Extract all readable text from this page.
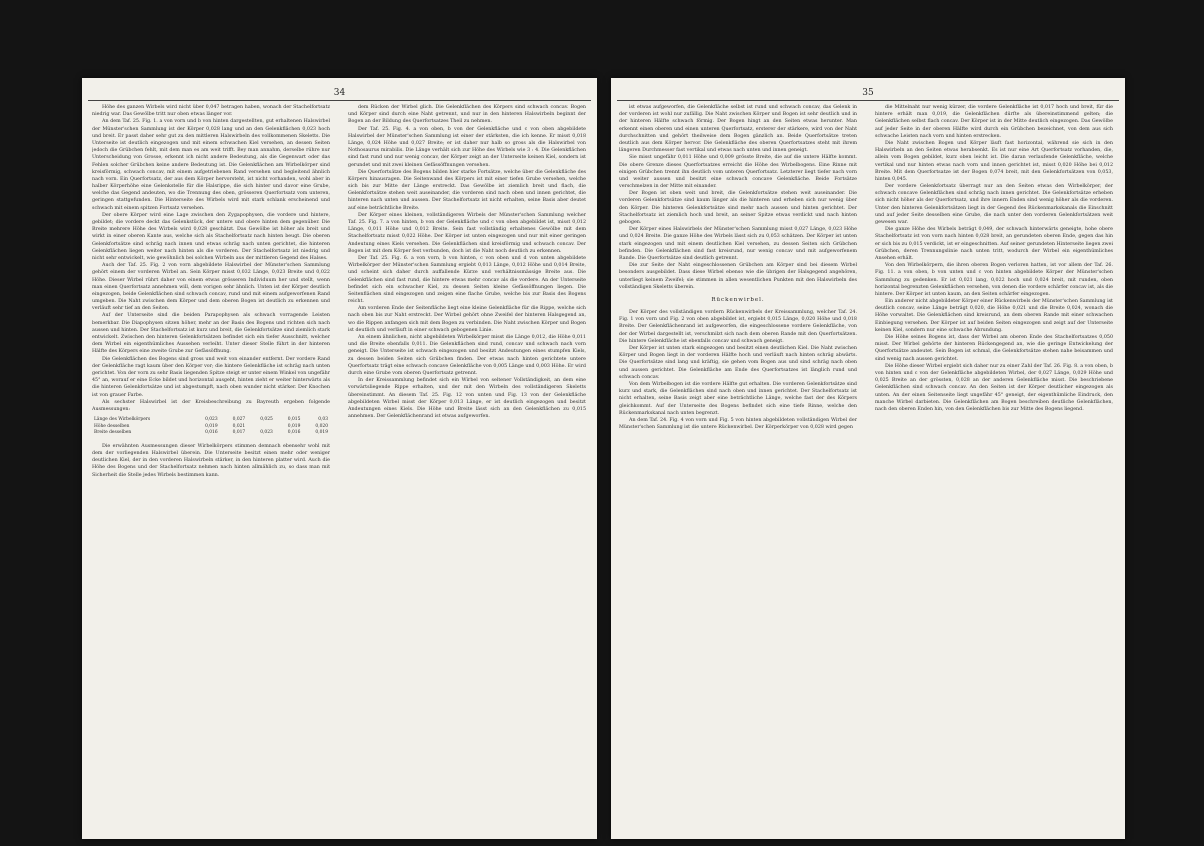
34

Höhe des ganzen Wirbels wird nicht über 0,047 betragen haben, wonach der Stachelfortsatz niedrig war. Das Gewölbe tritt nur oben etwas länger vor.

An dem Taf. 25. Fig. 1. a von vorn und b von hinten dargestellten, gut erhaltenen Halswirbel der Münster'schen Sammlung ist der Körper 0,028 lang und an den Gelenkflächen 0,023 hoch und breit. Er passt daher sehr gut zu den mittleren Halswirbeln des vollkommenen Skeletts. Die Unterseite ist deutlich eingezogen und mit einem schwachen Kiel versehen, an dessen Seiten jedoch die Grübchen fehlt, mit dem man es am weit trifft. Bey man annahm, derselbe rühre nur Unterscheidung von Grosse, erkennt ich nicht andere Bedeutung, als die Gegenwart oder das Fehlen solcher Grübchen keine andere Bedeutung ist. Die Gelenkflächen am Wirbelkörper sind kreisförmig, schwach concav, mit einem aufgetriebenen Rand versehen und begleitend ähnlich nach vorn. Ein Querfortsatz, der aus dem Körper hervorsteht, ist nicht vorhanden, wohl aber in halber Körperhöhe eine Gelenkstelle für die Halsrippe, die sich hinter und davor eine Grube, welche das Gegend andeuten, wo die Trennung des oben, grösseren Querfortsatz vom unteren, geringen stattgefunden. Die Hinterseite des Wirbels wird mit stark schlank erscheinend und schwach mit einem spitzen Fortsatz versehen.

Der obere Körper wird eine Lage zwischen den Zygapophysen, die vordere und hintere, gebildet; die vordere deckt das Gelenkstück, der untere und obere hinten dem gegenüber. Die Breite mehrere Höhe des Wirbels wird 0,028 geschätzt. Das Gewölbe ist höher als breit und wirkt in einer oberen Kante aus, welche sich als Stachelfortsatz nach hinten beugt. Die oberen Gelenkfortsätze sind schräg nach innen und etwas schräg nach unten gerichtet, die hinteren Gelenkflächen liegen weiter nach hinten als die vorderen. Der Stachelfortsatz ist niedrig und nicht sehr entwickelt, wie gewöhnlich bei solchen Wirbeln aus der mittleren Gegend des Halses.

Auch der Taf. 25. Fig. 2 von vorn abgebildete Halswirbel der Münster'schen Sammlung gehört einem der vorderen Wirbel an. Sein Körper misst 0,032 Länge, 0,023 Breite und 0,022 Höhe. Dieser Wirbel rührt daher von einem etwas grösseren Individuum her und stellt, wenn man einen Querfortsatz annehmen will, dem vorigen sehr ähnlich. Unten ist der Körper deutlich eingezogen, beide Gelenkflächen sind schwach concav, rund und mit einem aufgeworfenen Rand umgeben. Die Naht zwischen dem Körper und dem oberen Bogen ist deutlich zu erkennen und verläuft sehr tief an den Seiten.

Auf der Unterseite sind die beiden Parapophysen als schwach vorragende Leisten bemerkbar. Die Diapophysen sitzen höher, mehr an der Basis des Bogens und richten sich nach aussen und hinten. Der Stachelfortsatz ist kurz und breit, die Gelenkfortsätze sind ziemlich stark entwickelt. Zwischen den hinteren Gelenkfortsätzen befindet sich ein tiefer Ausschnitt, welcher dem Wirbel ein eigenthümliches Aussehen verleiht. Unter dieser Stelle führt in der hinteren Hälfte des Körpers eine zweite Grube zur Gefässöffnung.

Die Gelenkflächen des Bogens sind gross und weit von einander entfernt. Der vordere Rand der Gelenkfläche ragt kaum über den Körper vor; die hintere Gelenkfläche ist schräg nach unten gerichtet. Von der vorn zu sehr Basis liegenden Spitze steigt er unter einem Winkel von ungefähr 45° an, worauf er eine Ecke bildet und horizontal ausgeht, hinten zieht er weiter hinterwärts als die hinteren Gelenkfortsätze und ist abgestumpft, nach oben wunder nicht stärker. Der Knochen ist von grauer Farbe.

Als sechster Halswirbel ist der Kreisbeschreibung zu Bayreuth ergeben folgende Ausmessungen:

Länge des Wirbelkörpers	0,023	0,027	0,025	0,015	0,03
Höhe desselben	0,019	0,021		0,019	0,020
Breite desselben	0,016	0,017	0,023	0,016	0,019

Die erwähnten Ausmessungen dieser Wirbelkörpers stimmen demnach ebensehr wohl mit dem der vorliegenden Halswirbel überein. Die Unterseite besitzt einen mehr oder weniger deutlichen Kiel, der in den vorderen Halswirbeln stärker, in den hinteren platter wird. Auch die Höhe des Bogens und der Stachelfortsatz nehmen nach hinten allmählich zu, so dass man mit Sicherheit die Stelle jedes Wirbels bestimmen kann.

dem Rücken der Wirbel glich. Die Gelenkflächen des Körpers sind schwach concav. Bogen und Körper sind durch eine Naht getrennt, und nur in den hinteren Halswirbeln beginnt der Bogen an der Bildung des Querfortsatzes Theil zu nehmen.

Der Taf. 25. Fig. 4. a von oben, b von der Gelenkfläche und c von oben abgebildete Halswirbel der Münster'schen Sammlung ist einer der stärksten, die ich kenne. Er misst 0,018 Länge, 0,024 Höhe und 0,027 Breite; er ist daher nur halb so gross als die Halswirbel von Nothosaurus mirabilis. Die Länge verhält sich zur Höhe des Wirbels wie 3 : 4. Die Gelenkflächen sind fast rund und nur wenig concav, der Körper zeigt an der Unterseite keinen Kiel, sondern ist gerundet und mit zwei kleinen Gefässöffnungen versehen.

Die Querfortsätze des Bogens bilden hier starke Fortsätze, welche über die Gelenkfläche des Körpers hinausragen. Die Seitenwand des Körpers ist mit einer tiefen Grube versehen, welche sich bis zur Mitte der Länge erstreckt. Das Gewölbe ist ziemlich breit und flach, die Gelenkfortsätze stehen weit auseinander, die vorderen sind nach oben und innen gerichtet, die hinteren nach unten und aussen. Der Stachelfortsatz ist nicht erhalten, seine Basis aber deutet auf eine beträchtliche Breite.

Der Körper eines kleinen, vollständigeren Wirbels der Münster'schen Sammlung welcher Taf. 25. Fig. 7. a von hinten, b von der Gelenkfläche und c von oben abgebildet ist, misst 0,012 Länge, 0,011 Höhe und 0,012 Breite. Sein fast vollständig erhaltenes Gewölbe mit dem Stachelfortsatz misst 0,022 Höhe. Der Körper ist unten eingezogen und nur mit einer geringen Andeutung eines Kiels versehen. Die Gelenkflächen sind kreisförmig und schwach concav. Der Bogen ist mit dem Körper fest verbunden, doch ist die Naht noch deutlich zu erkennen.

Der Taf. 25. Fig. 6. a von vorn, b von hinten, c von oben und d von unten abgebildete Wirbelkörper der Münster'schen Sammlung ergiebt 0,013 Länge, 0,012 Höhe und 0,014 Breite, und scheint sich daher durch auffallende Kürze und verhältnissmässige Breite aus. Die Gelenkflächen sind fast rund, die hintere etwas mehr concav als die vordere. An der Unterseite befindet sich ein schwacher Kiel, zu dessen Seiten kleine Gefässöffnungen liegen. Die Seitenflächen sind eingezogen und zeigen eine flache Grube, welche bis zur Basis des Bogens reicht.

Am vorderen Ende der Seitenfläche liegt eine kleine Gelenkfläche für die Rippe, welche sich nach oben bis zur Naht erstreckt. Der Wirbel gehört ohne Zweifel der hinteren Halsgegend an, wo die Rippen anfangen sich mit dem Bogen zu verbinden. Die Naht zwischen Körper und Bogen ist deutlich und verläuft in einer schwach gebogenen Linie.

An einem ähnlichen, nicht abgebildeten Wirbelkörper misst die Länge 0,012, die Höhe 0,011 und die Breite ebenfalls 0,011. Die Gelenkflächen sind rund, concav und schwach nach vorn geneigt. Die Unterseite ist schwach eingezogen und besitzt Andeutungen eines stumpfen Kiels, zu dessen beiden Seiten sich Grübchen finden. Der etwas nach hinten gerichtete untere Querfortsatz trägt eine schwach concave Gelenkfläche von 0,005 Länge und 0,003 Höhe. Er wird durch eine Grube vom oberen Querfortsatz getrennt.

In der Kreissammlung befindet sich ein Wirbel von seltener Vollständigkeit, an dem eine vorwärtsliegende Rippe erhalten, und der mit den Wirbeln des vollständigeren Skeletts übereinstimmt. An diesem Taf. 25. Fig. 12 von unten und Fig. 13 von der Gelenkfläche abgebildeten Wirbel misst der Körper 0,013 Länge, er ist deutlich eingezogen und besitzt Andeutungen eines Kiels. Die Höhe und Breite lässt sich an den Gelenkflächen zu 0,015 annehmen. Der Gelenkflächenrand ist etwas aufgeworfen.

35

ist etwas aufgeworfen, die Gelenkfläche selbst ist rund und schwach concav, das Gelenk in der vorderen ist wohl nur zufällig. Die Naht zwischen Körper und Bogen ist sehr deutlich und in der hinteren Hälfte schwach förmig. Der Bogen hingt an den Seiten etwas herunter. Man erkennt einen oberen und einen unteren Querfortsatz, ersterer der stärkere, wird von der Naht durchschnitten und gehört theilweise dem Bogen gänzlich an. Beide Querfortsätze treten deutlich aus dem Körper hervor. Die Gelenkfläche des oberen Querfortsatzes steht mit ihrem längeren Durchmesser fast vertikal und etwas nach unten und innen geneigt.

Sie misst ungefähr 0,011 Höhe und 0,009 grösste Breite, die auf die untere Hälfte kommt. Die obere Grenze dieses Querfortsatzes erreicht die Höhe des Wirbelbogens. Eine Rinne mit einigen Grübchen trennt ihn deutlich vom unteren Querfortsatz. Letzterer liegt tiefer nach vorn und weiter aussen und besitzt eine schwach concave Gelenkfläche. Beide Fortsätze verschmelzen in der Mitte mit einander.

Der Bogen ist oben weit und breit, die Gelenkfortsätze stehen weit auseinander. Die vorderen Gelenkfortsätze sind kaum länger als die hinteren und erheben sich nur wenig über den Körper. Die hinteren Gelenkfortsätze sind mehr nach aussen und hinten gerichtet. Der Stachelfortsatz ist ziemlich hoch und breit, an seiner Spitze etwas verdickt und nach hinten gebogen.

Der Körper eines Halswirbels der Münster'schen Sammlung misst 0,027 Länge, 0,023 Höhe und 0,024 Breite. Die ganze Höhe des Wirbels lässt sich zu 0,053 schätzen. Der Körper ist unten stark eingezogen und mit einem deutlichen Kiel versehen, zu dessen Seiten sich Grübchen befinden. Die Gelenkflächen sind fast kreisrund, nur wenig concav und mit aufgeworfenem Rande. Die Querfortsätze sind deutlich getrennt.

Die zur Seite der Naht eingeschlossenen Grübchen am Körper sind bei diesem Wirbel besonders ausgebildet. Dass diese Wirbel ebenso wie die übrigen der Halsgegend angehören, unterliegt keinem Zweifel; sie stimmen in allen wesentlichen Punkten mit den Halswirbeln des vollständigen Skeletts überein.

Rückenwirbel.

Der Körper des vollständigen vordern Rückenwirbels der Kreissammlung, welcher Taf. 24. Fig. 1 von vorn und Fig. 2 von oben abgebildet ist, ergiebt 0,015 Länge, 0,020 Höhe und 0,018 Breite. Der Gelenkflächenrand ist aufgeworfen, die eingeschlossene vordere Gelenkfläche, von der der Wirbel dargestellt ist, verschmilzt sich nach dem oberen Rande mit den Querfortsätzen. Die hintere Gelenkfläche ist ebenfalls concav und schwach geneigt.

Der Körper ist unten stark eingezogen und besitzt einen deutlichen Kiel. Die Naht zwischen Körper und Bogen liegt in der vorderen Hälfte hoch und verläuft nach hinten schräg abwärts. Die Querfortsätze sind lang und kräftig, sie gehen vom Bogen aus und sind schräg nach oben und aussen gerichtet. Die Gelenkfläche am Ende des Querfortsatzes ist länglich rund und schwach concav.

Von dem Wirbelbogen ist die vordere Hälfte gut erhalten. Die vorderen Gelenkfortsätze sind kurz und stark, die Gelenkflächen sind nach oben und innen gerichtet. Der Stachelfortsatz ist nicht erhalten, seine Basis zeigt aber eine beträchtliche Länge, welche fast der des Körpers gleichkommt. Auf der Unterseite des Bogens befindet sich eine tiefe Rinne, welche den Rückenmarkskanal nach unten begrenzt.

An dem Taf. 24. Fig. 4 von vorn und Fig. 5 von hinten abgebildeten vollständigen Wirbel der Münster'schen Sammlung ist die untere Rückenwirbel. Der Körperkörper von 0,028 wird gegen

die Mittelnaht nur wenig kürzer, die vordere Gelenkfläche ist 0,017 hoch und breit, für die hintere erhält man 0,019, die Gelenkflächen dürfte als übereinstimmend gelten; die Gelenkflächen selbst flach concav. Der Körper ist in der Mitte deutlich eingezogen. Das Gewölbe auf jeder Seite in der oberen Hälfte wird durch ein Grübchen bezeichnet, von dem aus sich schwache Leisten nach vorn und hinten erstrecken.

Die Naht zwischen Bogen und Körper läuft fast horizontal, während sie sich in den Halswirbeln an den Seiten etwas herabsenkt. Es ist nur eine Art Querfortsatz vorhanden, die, allein vom Bogen gebildet, kurz oben leicht ist. Die daran verlaufende Gelenkfläche, welche vertikal und nur hinten etwas nach vorn und innen gerichtet ist, misst 0,020 Höhe bei 0,012 Breite. Mit dem Querfortsatze ist der Bogen 0,074 breit, mit den Gelenkfortsätzen von 0,053, hinten 0,045.

Der vordere Gelenkfortsatz überragt nur an den Seiten etwas den Wirbelkörper, der schwach concave Gelenkflächen sind schräg nach innen gerichtet. Die Gelenkfortsätze erheben sich nicht höher als der Querfortsatz, und ihre innern Enden sind wenig höher als die vorderen. Unter den hinteren Gelenkfortsätzen liegt in der Gegend des Rückenmarkskanals die Einschnitt und auf jeder Seite desselben eine Grube, die nach unter den vorderen Gelenkfortsätzen weit gewesen war.

Die ganze Höhe des Wirbels beträgt 0,049, der schwach hinterwärts geneigte, hohe obere Stachelfortsatz ist von vorn nach hinten 0,028 breit, an gerundeten oberen Ende, gegen das hin er sich bis zu 0,015 verdickt, ist er eingeschnitten. Auf seiner gerundeten Hinterseite liegen zwei Grübchen, deren Trennungslinie nach unten tritt, wodurch der Wirbel ein eigenthümliches Ansehen erhält.

Von den Wirbelkörpern, die ihren oberen Bogen verloren hatten, ist vor allem der Taf. 26. Fig. 11. a von oben, b von unten und c von hinten abgebildete Körper der Münster'schen Sammlung zu gedenken. Er ist 0,021 lang, 0,022 hoch und 0,024 breit, mit runden, oben horizontal begrenzten Gelenkflächen versehen, von denen die vordere schärfer concav ist, als die hintere. Der Körper ist unten kaum, an den Seiten schärfer eingezogen.

Ein anderer nicht abgebildeter Körper einer Rückenwirbels der Münster'schen Sammlung ist deutlich concav, seine Länge beträgt 0,020, die Höhe 0,021 und die Breite 0,024, wonach die Höhe vorwaltet. Die Gelenkflächen sind kreisrund, an dem oberen Rande mit einer schwachen Einbiegung versehen. Der Körper ist auf beiden Seiten eingezogen und zeigt auf der Unterseite keinen Kiel, sondern nur eine schwache Abrundung.

Die Höhe seines Bogens ist, dass der Wirbel am oberen Ende des Stachelfortsatzes 0,050 misst. Der Wirbel gehörte der hinteren Rückengegend an, wie die geringe Entwickelung der Querfortsätze andeutet. Sein Bogen ist schmal, die Gelenkfortsätze stehen nahe beisammen und sind wenig nach aussen gerichtet.

Die Höhe dieser Wirbel ergiebt sich daher nur zu einer Zahl der Taf. 26. Fig. 8. a von oben, b von hinten und c von der Gelenkfläche abgebildeten Wirbel, der 0,027 Länge, 0,029 Höhe und 0,025 Breite an der grössten, 0,028 an der anderen Gelenkfläche misst. Die beschriebene Gelenkflächen sind schwach concav. An den Seiten ist der Körper deutlicher eingezogen als unten. An der einen Seitenseite liegt ungefähr 45° geneigt, der eigenthümliche Eindruck, den manche Wirbel darbieten. Die Gelenkflächen am Bogen beschreiben deutliche Gelenkflächen, nach den oberen Enden hin, von den Gelenkflächen bis zur Mitte des Bogens liegend.
